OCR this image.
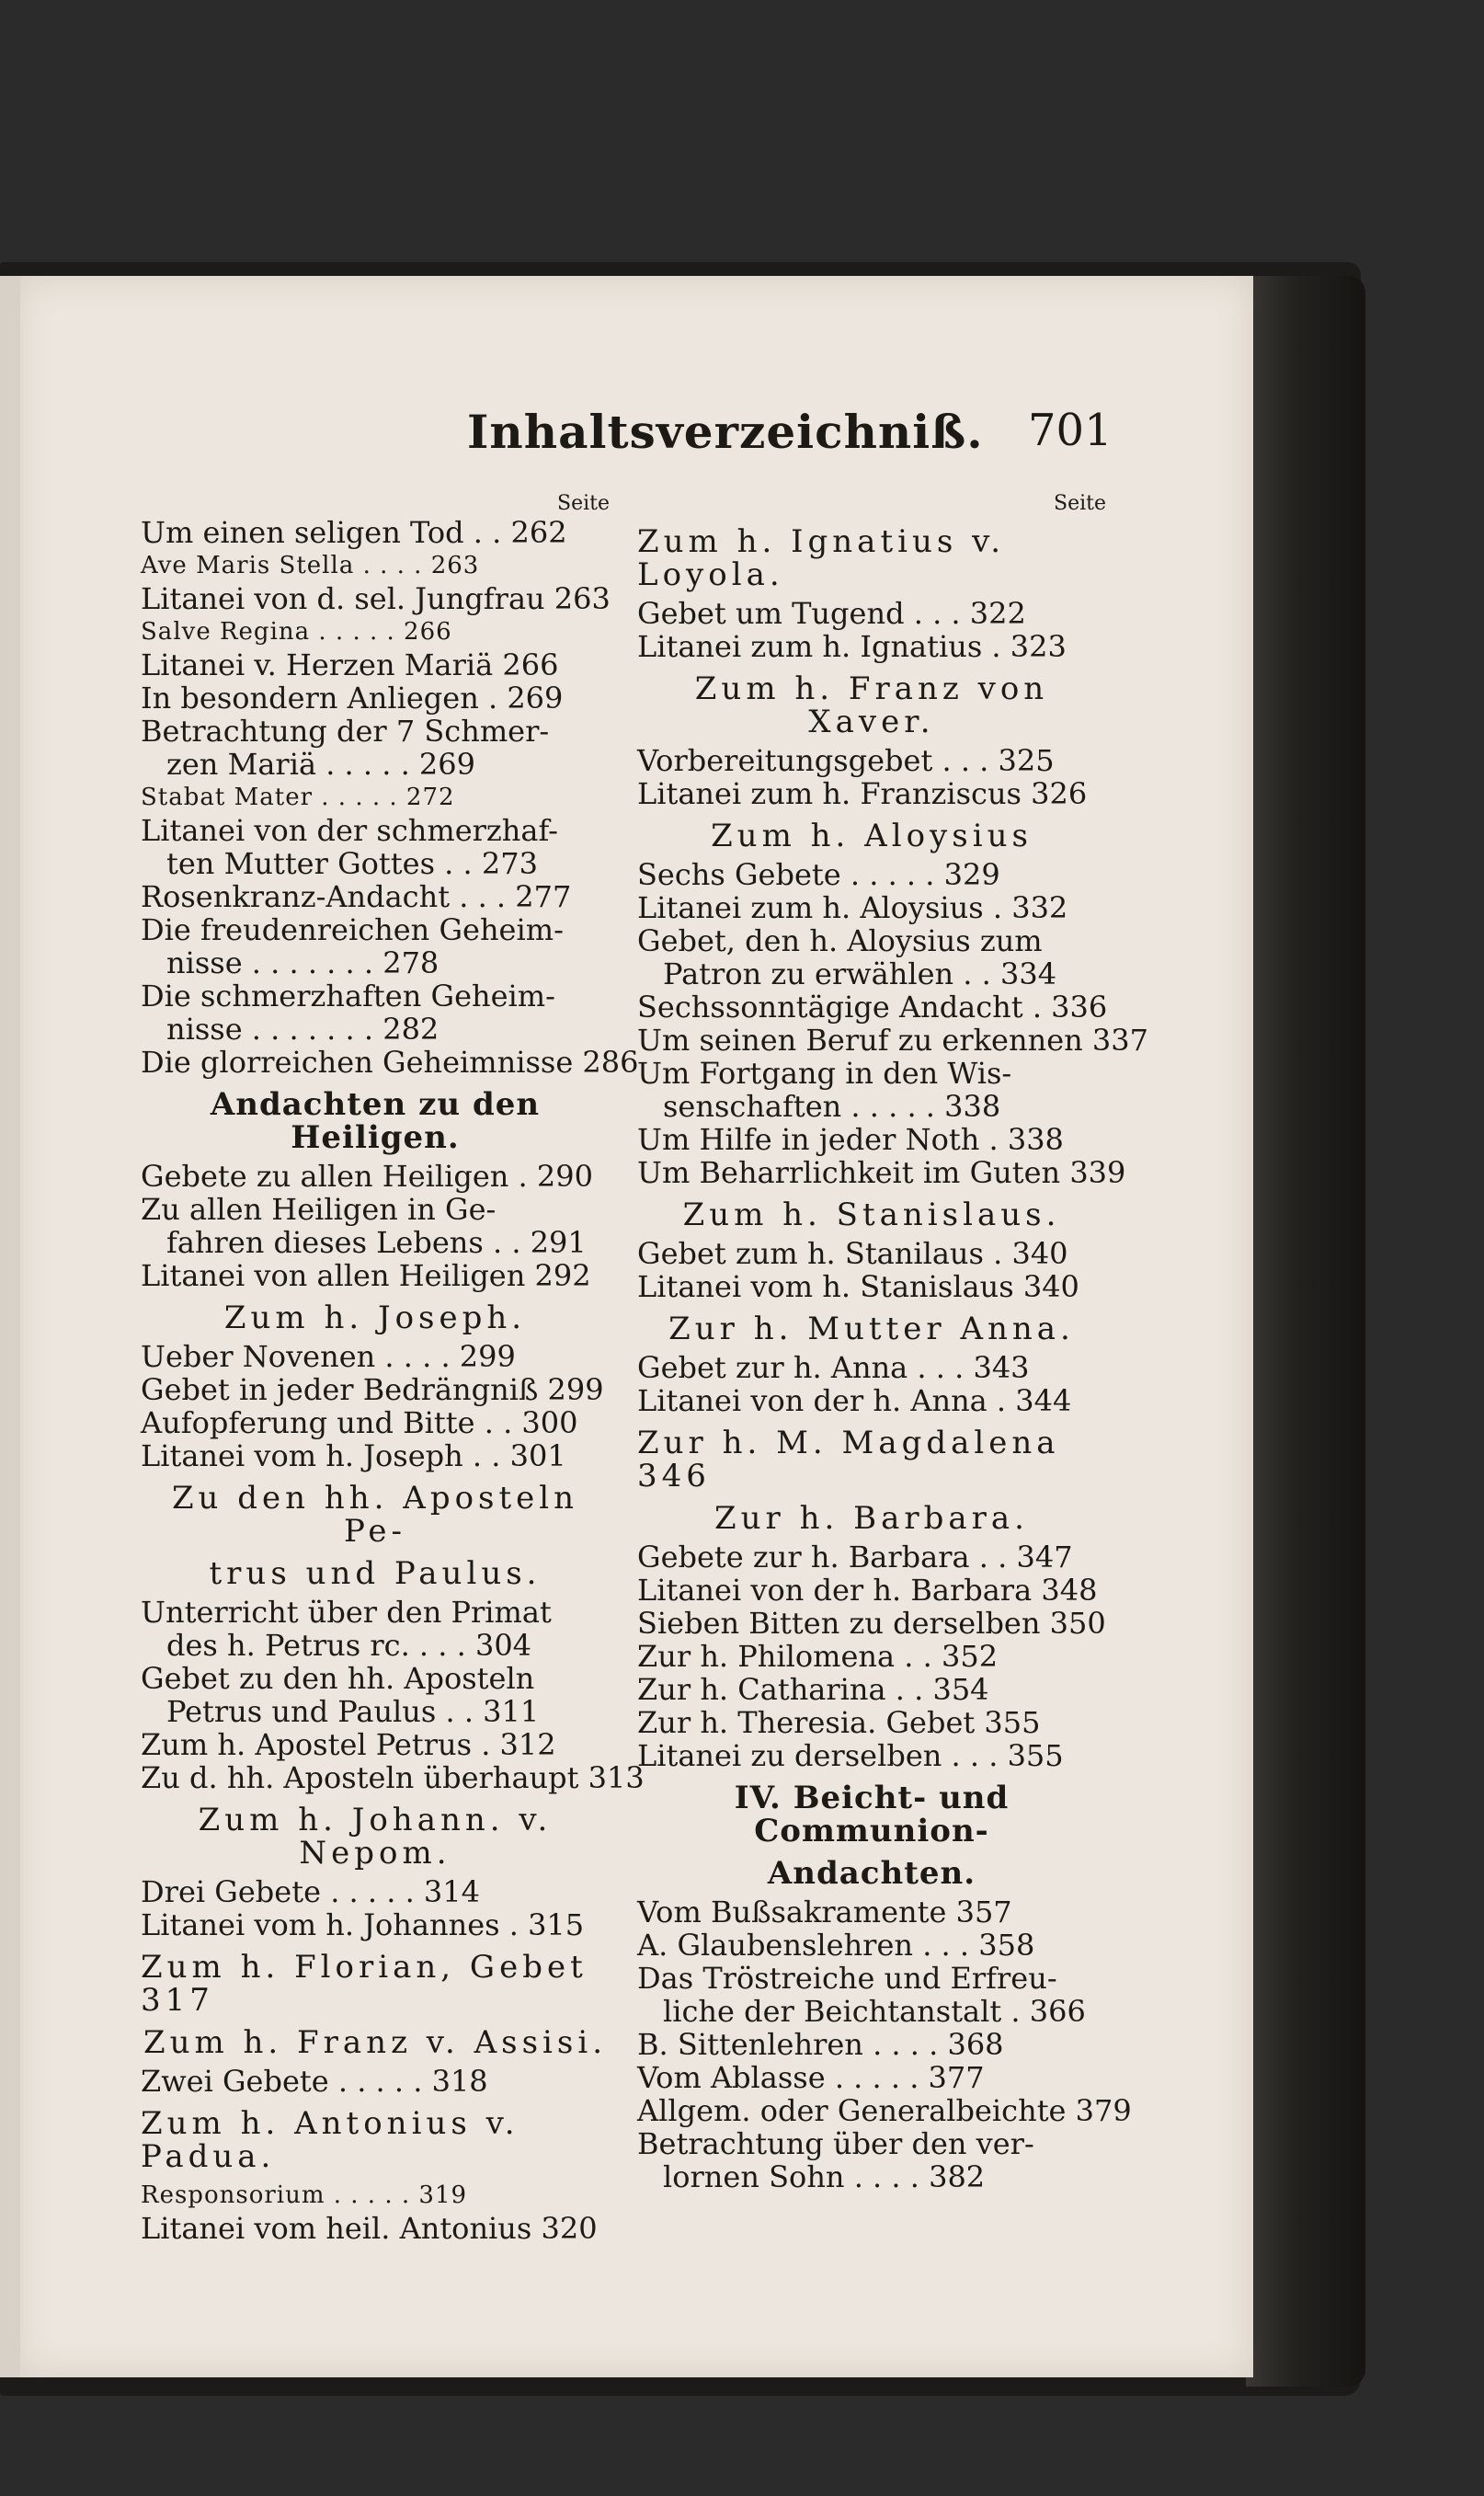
Inhaltsverzeichniß. 701
Seite
Um einen seligen Tod . . 262
Ave Maris Stella . . . . 263
Litanei von d. sel. Jungfrau 263
Salve Regina . . . . . 266
Litanei v. Herzen Mariä 266
In besondern Anliegen . 269
Betrachtung der 7 Schmer-
zen Mariä . . . . . 269
Stabat Mater . . . . . 272
Litanei von der schmerzhaf-
ten Mutter Gottes . . 273
Rosenkranz-Andacht . . . 277
Die freudenreichen Geheim-
nisse . . . . . . . 278
Die schmerzhaften Geheim-
nisse . . . . . . . 282
Die glorreichen Geheimnisse 286
Andachten zu den Heiligen.
Gebete zu allen Heiligen . 290
Zu allen Heiligen in Ge-
fahren dieses Lebens . . 291
Litanei von allen Heiligen 292
Zum h. Joseph.
Ueber Novenen . . . . 299
Gebet in jeder Bedrängniß 299
Aufopferung und Bitte . . 300
Litanei vom h. Joseph . . 301
Zu den hh. Aposteln Pe-
trus und Paulus.
Unterricht über den Primat
des h. Petrus rc. . . . 304
Gebet zu den hh. Aposteln
Petrus und Paulus . . 311
Zum h. Apostel Petrus . 312
Zu d. hh. Aposteln überhaupt 313
Zum h. Johann. v. Nepom.
Drei Gebete . . . . . 314
Litanei vom h. Johannes . 315
Zum h. Florian, Gebet 317
Zum h. Franz v. Assisi.
Zwei Gebete . . . . . 318
Zum h. Antonius v. Padua.
Responsorium . . . . . 319
Litanei vom heil. Antonius 320
Seite
Zum h. Ignatius v. Loyola.
Gebet um Tugend . . . 322
Litanei zum h. Ignatius . 323
Zum h. Franz von Xaver.
Vorbereitungsgebet . . . 325
Litanei zum h. Franziscus 326
Zum h. Aloysius
Sechs Gebete . . . . . 329
Litanei zum h. Aloysius . 332
Gebet, den h. Aloysius zum
Patron zu erwählen . . 334
Sechssonntägige Andacht . 336
Um seinen Beruf zu erkennen 337
Um Fortgang in den Wis-
senschaften . . . . . 338
Um Hilfe in jeder Noth . 338
Um Beharrlichkeit im Guten 339
Zum h. Stanislaus.
Gebet zum h. Stanilaus . 340
Litanei vom h. Stanislaus 340
Zur h. Mutter Anna.
Gebet zur h. Anna . . . 343
Litanei von der h. Anna . 344
Zur h. M. Magdalena 346
Zur h. Barbara.
Gebete zur h. Barbara . . 347
Litanei von der h. Barbara 348
Sieben Bitten zu derselben 350
Zur h. Philomena . . 352
Zur h. Catharina . . 354
Zur h. Theresia. Gebet 355
Litanei zu derselben . . . 355
IV. Beicht- und Communion-
Andachten.
Vom Bußsakramente 357
A. Glaubenslehren . . . 358
Das Tröstreiche und Erfreu-
liche der Beichtanstalt . 366
B. Sittenlehren . . . . 368
Vom Ablasse . . . . . 377
Allgem. oder Generalbeichte 379
Betrachtung über den ver-
lornen Sohn . . . . 382
